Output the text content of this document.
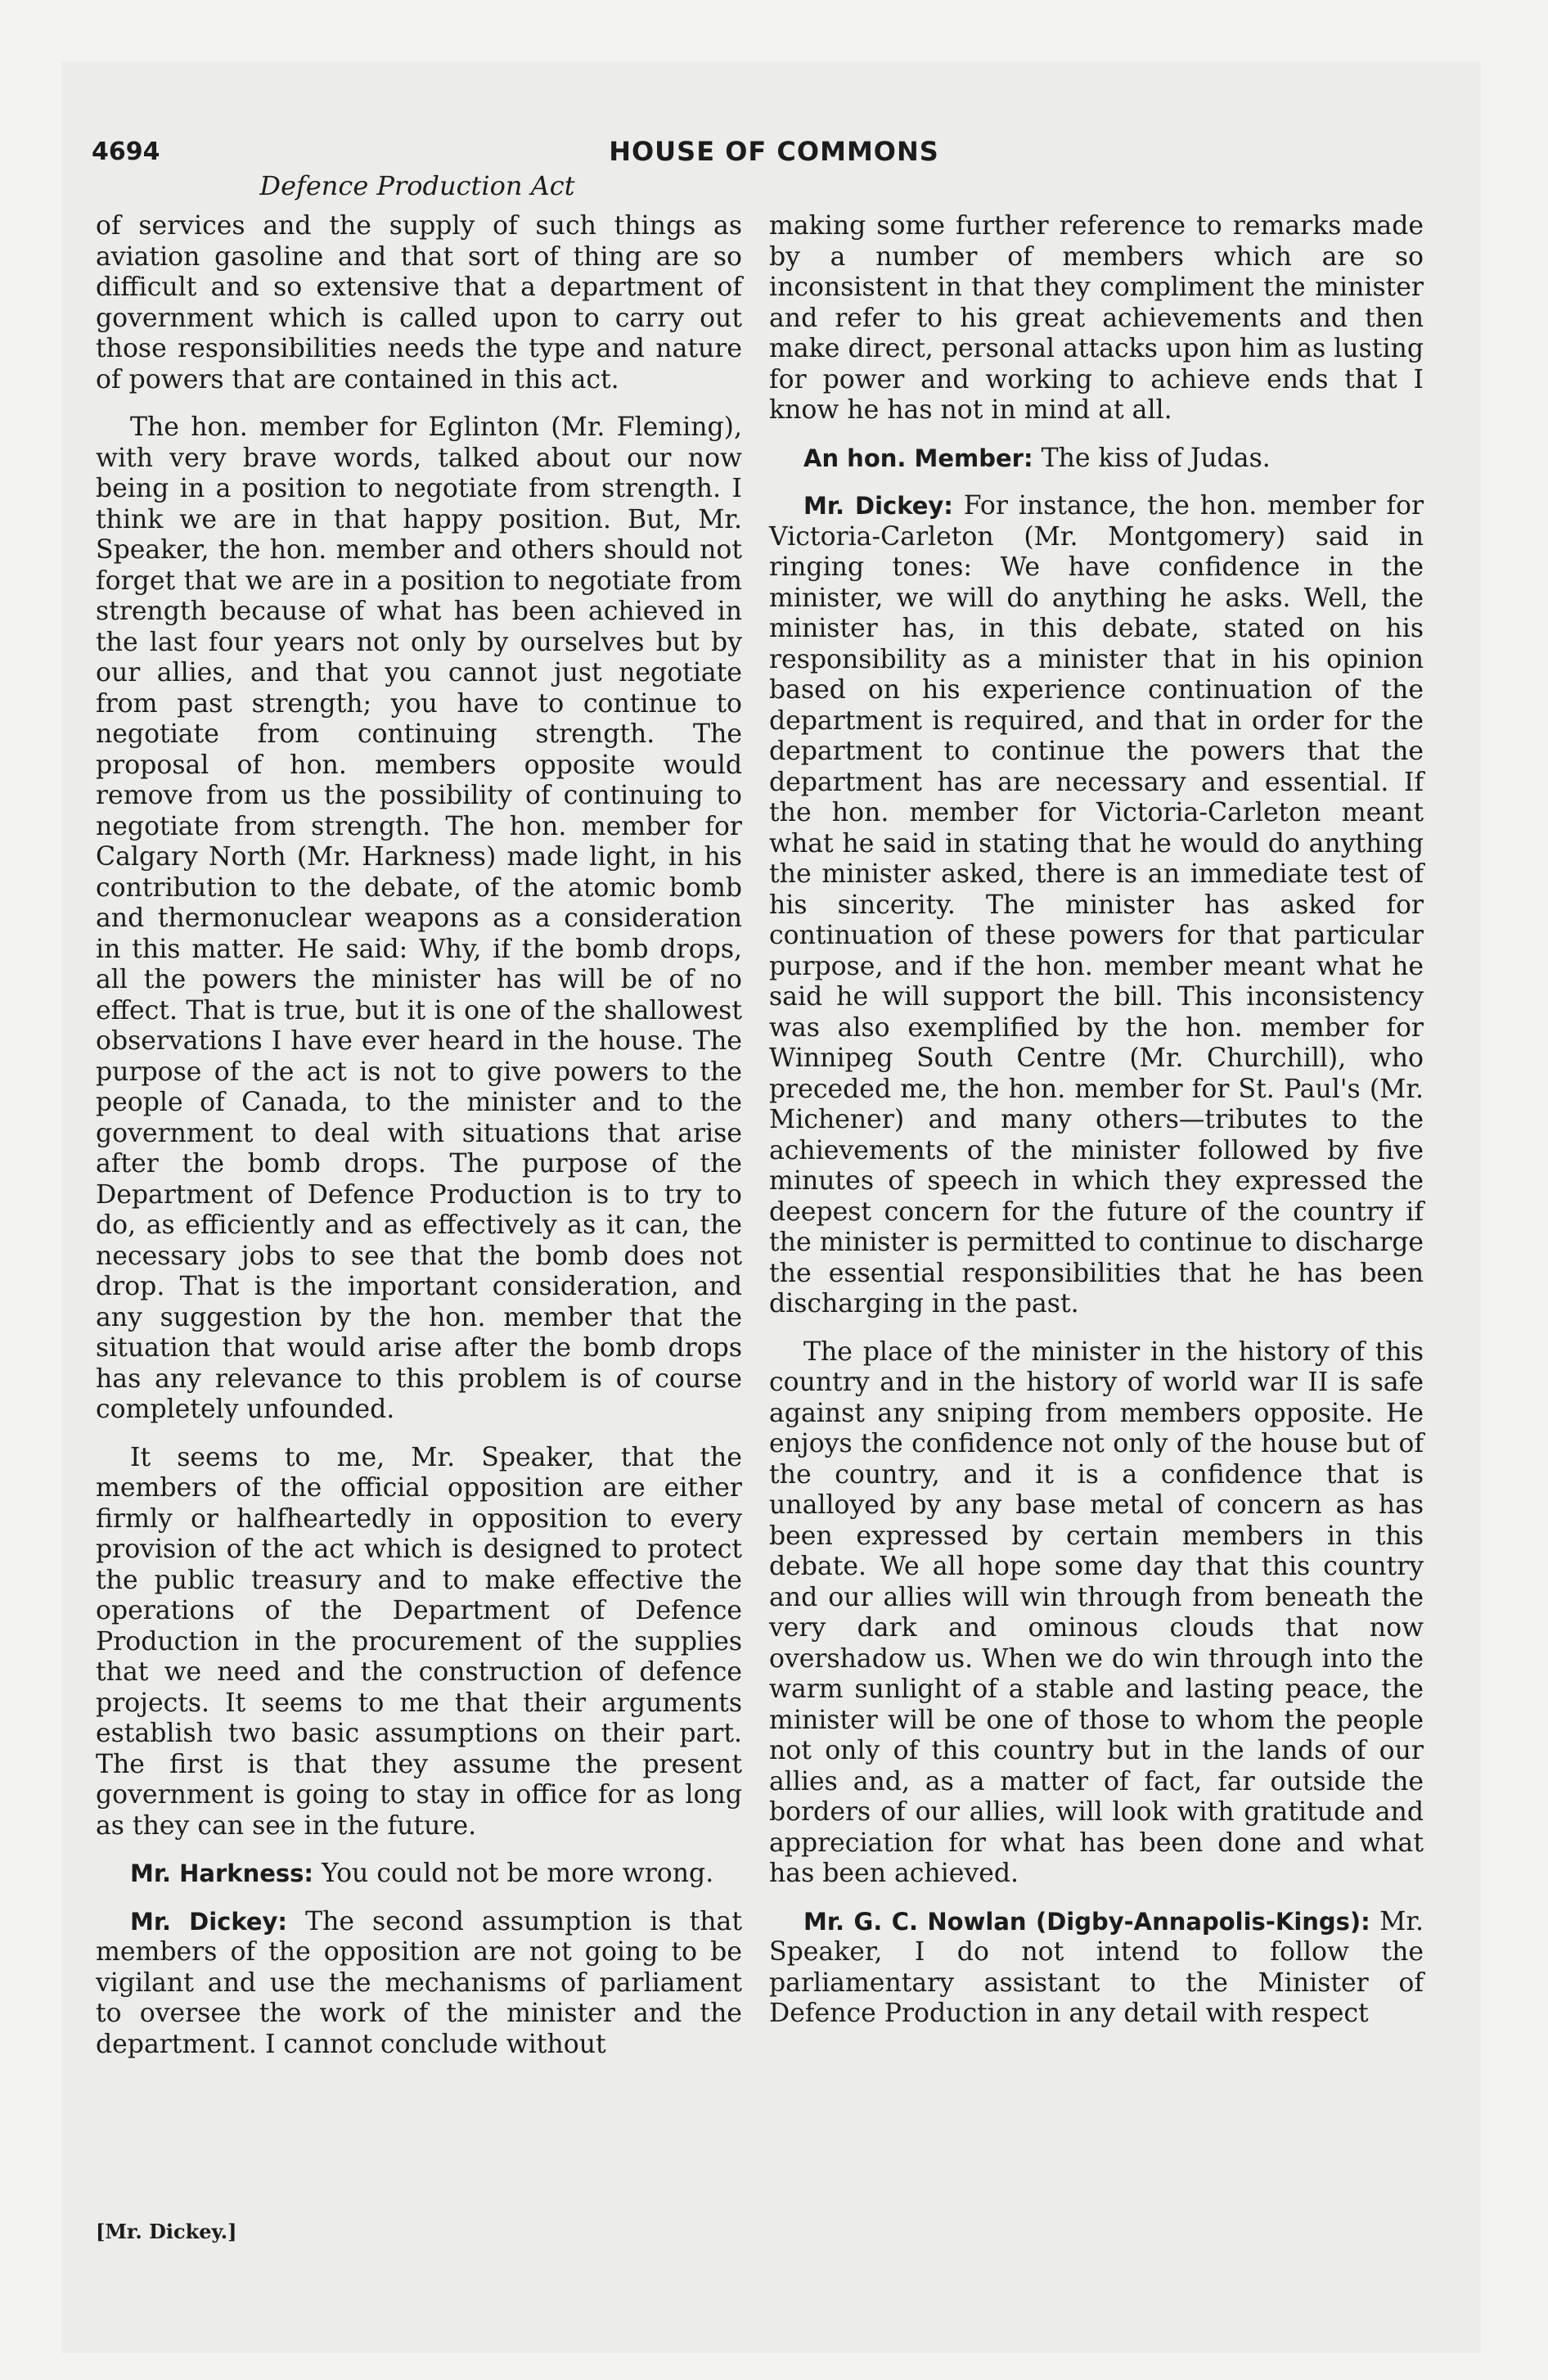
4694	HOUSE OF COMMONS
Defence Production Act

of services and the supply of such things as aviation gasoline and that sort of thing are so difficult and so extensive that a department of government which is called upon to carry out those responsibilities needs the type and nature of powers that are contained in this act.

The hon. member for Eglinton (Mr. Fleming), with very brave words, talked about our now being in a position to negotiate from strength. I think we are in that happy position. But, Mr. Speaker, the hon. member and others should not forget that we are in a position to negotiate from strength because of what has been achieved in the last four years not only by ourselves but by our allies, and that you cannot just negotiate from past strength; you have to continue to negotiate from continuing strength. The proposal of hon. members opposite would remove from us the possibility of continuing to negotiate from strength. The hon. member for Calgary North (Mr. Harkness) made light, in his contribution to the debate, of the atomic bomb and thermonuclear weapons as a consideration in this matter. He said: Why, if the bomb drops, all the powers the minister has will be of no effect. That is true, but it is one of the shallowest observations I have ever heard in the house. The purpose of the act is not to give powers to the people of Canada, to the minister and to the government to deal with situations that arise after the bomb drops. The purpose of the Department of Defence Production is to try to do, as efficiently and as effectively as it can, the necessary jobs to see that the bomb does not drop. That is the important consideration, and any suggestion by the hon. member that the situation that would arise after the bomb drops has any relevance to this problem is of course completely unfounded.

It seems to me, Mr. Speaker, that the members of the official opposition are either firmly or halfheartedly in opposition to every provision of the act which is designed to protect the public treasury and to make effective the operations of the Department of Defence Production in the procurement of the supplies that we need and the construction of defence projects. It seems to me that their arguments establish two basic assumptions on their part. The first is that they assume the present government is going to stay in office for as long as they can see in the future.

Mr. Harkness: You could not be more wrong.

Mr. Dickey: The second assumption is that members of the opposition are not going to be vigilant and use the mechanisms of parliament to oversee the work of the minister and the department. I cannot conclude without

making some further reference to remarks made by a number of members which are so inconsistent in that they compliment the minister and refer to his great achievements and then make direct, personal attacks upon him as lusting for power and working to achieve ends that I know he has not in mind at all.

An hon. Member: The kiss of Judas.

Mr. Dickey: For instance, the hon. member for Victoria-Carleton (Mr. Montgomery) said in ringing tones: We have confidence in the minister, we will do anything he asks. Well, the minister has, in this debate, stated on his responsibility as a minister that in his opinion based on his experience continuation of the department is required, and that in order for the department to continue the powers that the department has are necessary and essential. If the hon. member for Victoria-Carleton meant what he said in stating that he would do anything the minister asked, there is an immediate test of his sincerity. The minister has asked for continuation of these powers for that particular purpose, and if the hon. member meant what he said he will support the bill. This inconsistency was also exemplified by the hon. member for Winnipeg South Centre (Mr. Churchill), who preceded me, the hon. member for St. Paul's (Mr. Michener) and many others—tributes to the achievements of the minister followed by five minutes of speech in which they expressed the deepest concern for the future of the country if the minister is permitted to continue to discharge the essential responsibilities that he has been discharging in the past.

The place of the minister in the history of this country and in the history of world war II is safe against any sniping from members opposite. He enjoys the confidence not only of the house but of the country, and it is a confidence that is unalloyed by any base metal of concern as has been expressed by certain members in this debate. We all hope some day that this country and our allies will win through from beneath the very dark and ominous clouds that now overshadow us. When we do win through into the warm sunlight of a stable and lasting peace, the minister will be one of those to whom the people not only of this country but in the lands of our allies and, as a matter of fact, far outside the borders of our allies, will look with gratitude and appreciation for what has been done and what has been achieved.

Mr. G. C. Nowlan (Digby-Annapolis-Kings): Mr. Speaker, I do not intend to follow the parliamentary assistant to the Minister of Defence Production in any detail with respect

[Mr. Dickey.]
